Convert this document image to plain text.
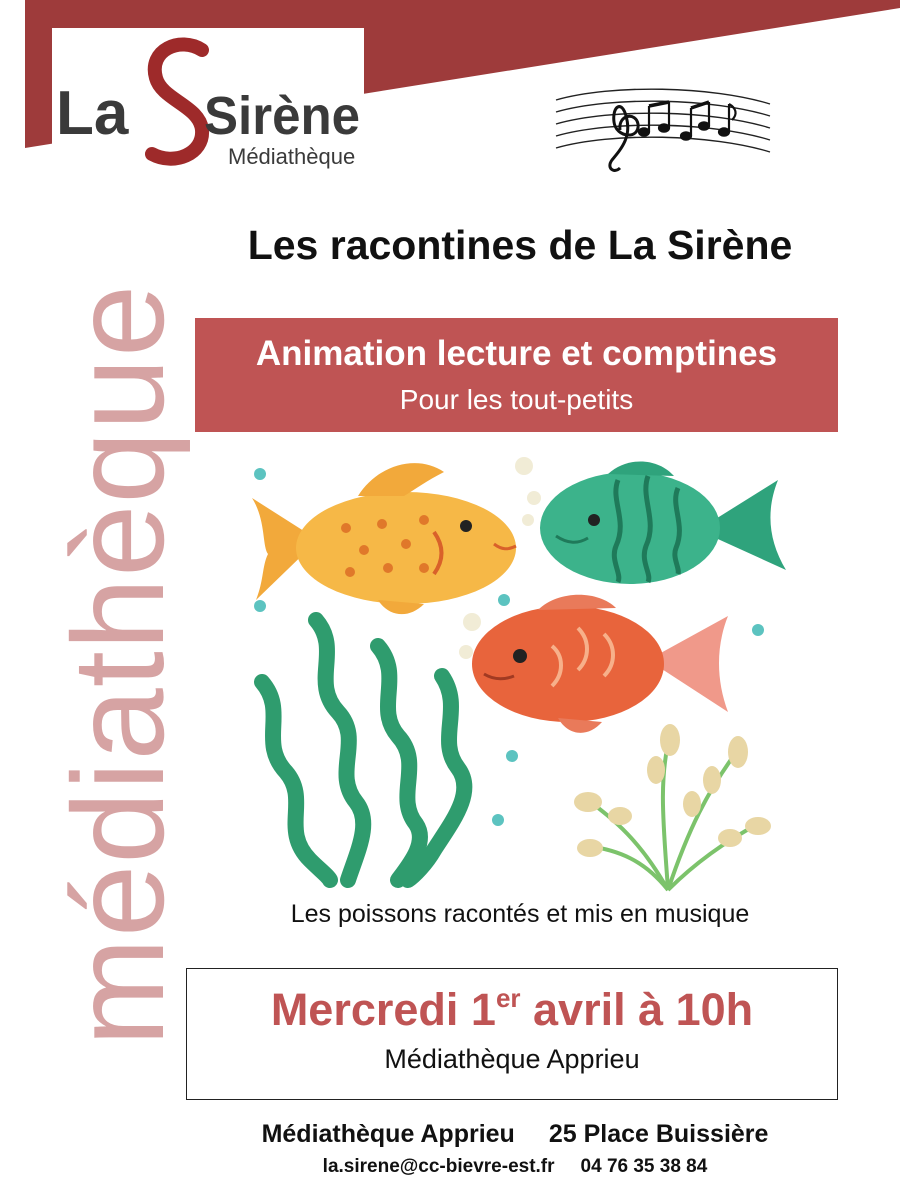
La Sirène
Médiathèque
médiathèque
Les racontines de La Sirène
Animation lecture et comptines
Pour les tout-petits
Les poissons racontés et mis en musique
Mercredi 1er avril à 10h
Médiathèque Apprieu
Médiathèque Apprieu 25 Place Buissière
la.sirene@cc-bievre-est.fr 04 76 35 38 84
